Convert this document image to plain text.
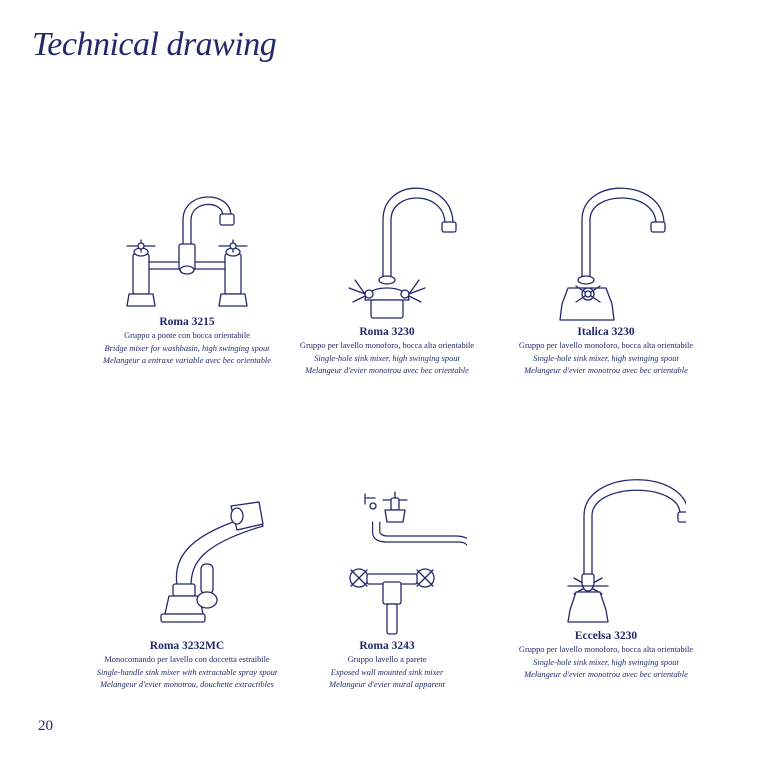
Technical drawing
Roma 3215
Gruppo a ponte con bocca orientabile
Bridge mixer for washbasin, high swinging spout
Melangeur a entraxe variable avec bec orientable
Roma 3230
Gruppo per lavello monoforo, bocca alta orientabile
Single-hole sink mixer, high swinging spout
Melangeur d'evier monotrou avec bec orientable
Italica 3230
Gruppo per lavello monoforo, bocca alta orientabile
Single-hole sink mixer, high swinging spout
Melangeur d'evier monotrou avec bec orientable
Roma 3232MC
Monocomando per lavello con doccetta estraibile
Single-handle sink mixer with extractable spray spout
Melangeur d'evier monotrou, douchette extractibles
Roma 3243
Gruppo lavello a parete
Exposed wall mounted sink mixer
Melangeur d'evier mural apparent
Eccelsa 3230
Gruppo per lavello monoforo, bocca alta orientabile
Single-hole sink mixer, high swinging spout
Melangeur d'evier monotrou avec bec orientable
20
